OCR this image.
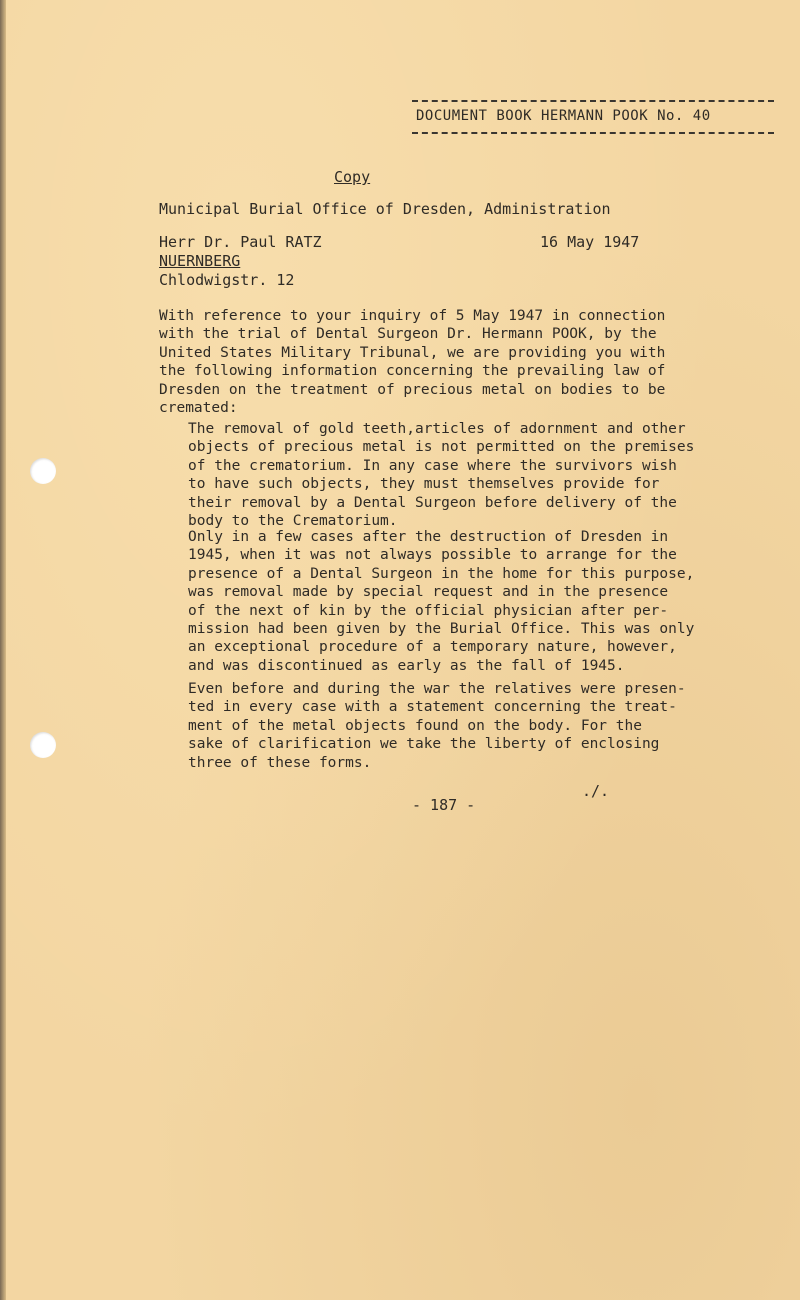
DOCUMENT BOOK HERMANN POOK No. 40
Copy
Municipal Burial Office of Dresden, Administration
Herr Dr. Paul RATZ
NUERNBERG
Chlodwigstr. 12
16 May 1947
With reference to your inquiry of 5 May 1947 in connection
with the trial of Dental Surgeon Dr. Hermann POOK, by the
United States Military Tribunal, we are providing you with
the following information concerning the prevailing law of
Dresden on the treatment of precious metal on bodies to be
cremated:
The removal of gold teeth,articles of adornment and other
objects of precious metal is not permitted on the premises
of the crematorium. In any case where the survivors wish
to have such objects, they must themselves provide for
their removal by a Dental Surgeon before delivery of the
body to the Crematorium.
Only in a few cases after the destruction of Dresden in
1945, when it was not always possible to arrange for the
presence of a Dental Surgeon in the home for this purpose,
was removal made by special request and in the presence
of the next of kin by the official physician after per-
mission had been given by the Burial Office. This was only
an exceptional procedure of a temporary nature, however,
and was discontinued as early as the fall of 1945.
Even before and during the war the relatives were presen-
ted in every case with a statement concerning the treat-
ment of the metal objects found on the body. For the
sake of clarification we take the liberty of enclosing
three of these forms.
./.
- 187 -
